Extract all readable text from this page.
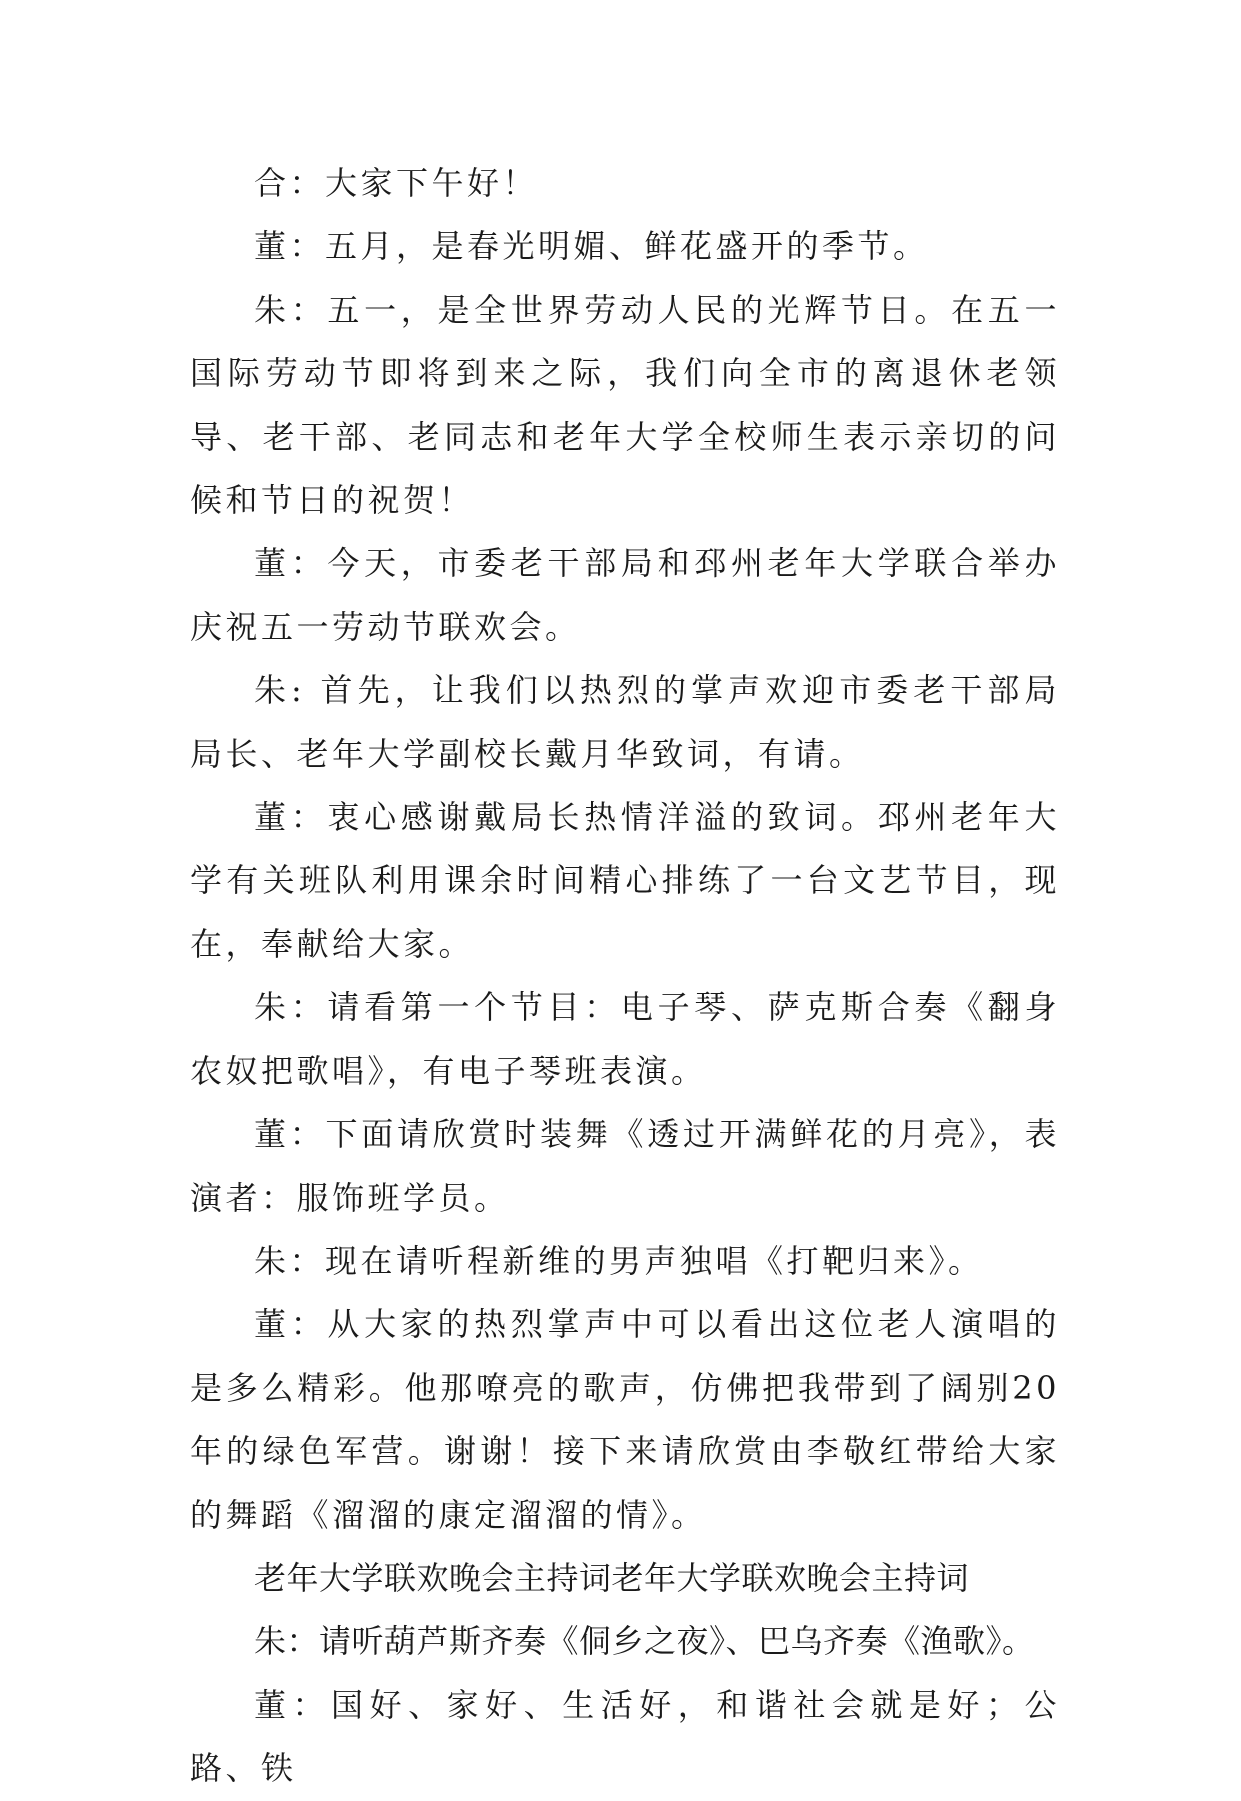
合：大家下午好！

董：五月，是春光明媚、鲜花盛开的季节。

朱：五一，是全世界劳动人民的光辉节日。在五一国际劳动节即将到来之际，我们向全市的离退休老领导、老干部、老同志和老年大学全校师生表示亲切的问候和节日的祝贺！

董：今天，市委老干部局和邳州老年大学联合举办庆祝五一劳动节联欢会。

朱: 首先，让我们以热烈的掌声欢迎市委老干部局局长、老年大学副校长戴月华致词，有请。

董：衷心感谢戴局长热情洋溢的致词。邳州老年大学有关班队利用课余时间精心排练了一台文艺节目，现在，奉献给大家。

朱：请看第一个节目：电子琴、萨克斯合奏《翻身农奴把歌唱》，有电子琴班表演。

董：下面请欣赏时装舞《透过开满鲜花的月亮》，表演者：服饰班学员。

朱：现在请听程新维的男声独唱《打靶归来》。

董：从大家的热烈掌声中可以看出这位老人演唱的是多么精彩。他那嘹亮的歌声，仿佛把我带到了阔别20年的绿色军营。谢谢！接下来请欣赏由李敬红带给大家的舞蹈《溜溜的康定溜溜的情》。

老年大学联欢晚会主持词老年大学联欢晚会主持词

朱：请听葫芦斯齐奏《侗乡之夜》、巴乌齐奏《渔歌》。

董：国好、家好、生活好，和谐社会就是好；公路、铁
